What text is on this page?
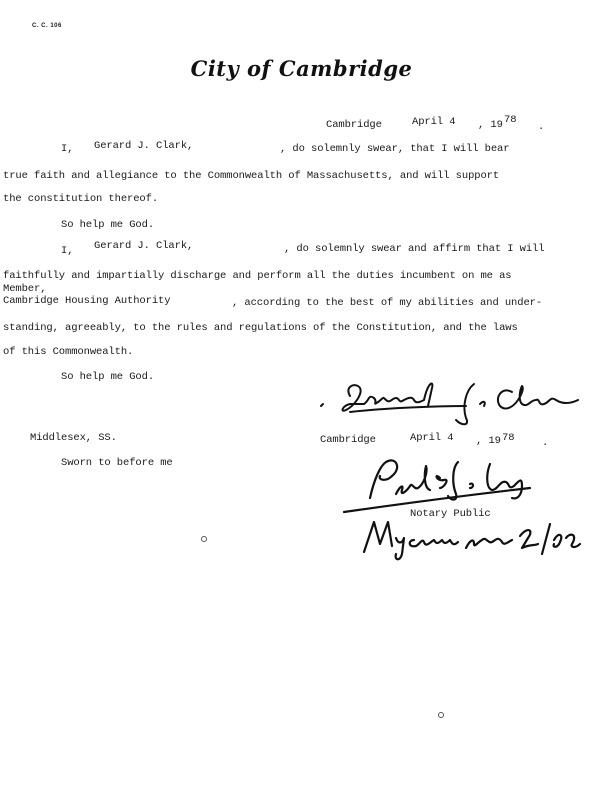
C. C. 106
City of Cambridge
Cambridge	April 4 , 19 78
.
I, Gerard J. Clark,	, do solemnly swear, that I will bear
true faith and allegiance to the Commonwealth of Massachusetts, and will support
the constitution thereof.
So help me God.
I, Gerard J. Clark,	, do solemnly swear and affirm that I will
faithfully and impartially discharge and perform all the duties incumbent on me as
Member,
Cambridge Housing Authority	, according to the best of my abilities and under-
standing, agreeably, to the rules and regulations of the Constitution, and the laws
of this Commonwealth.
So help me God.
Middlesex, SS.	Cambridge	April 4 , 19 78	.
Sworn to before me
Notary Public
